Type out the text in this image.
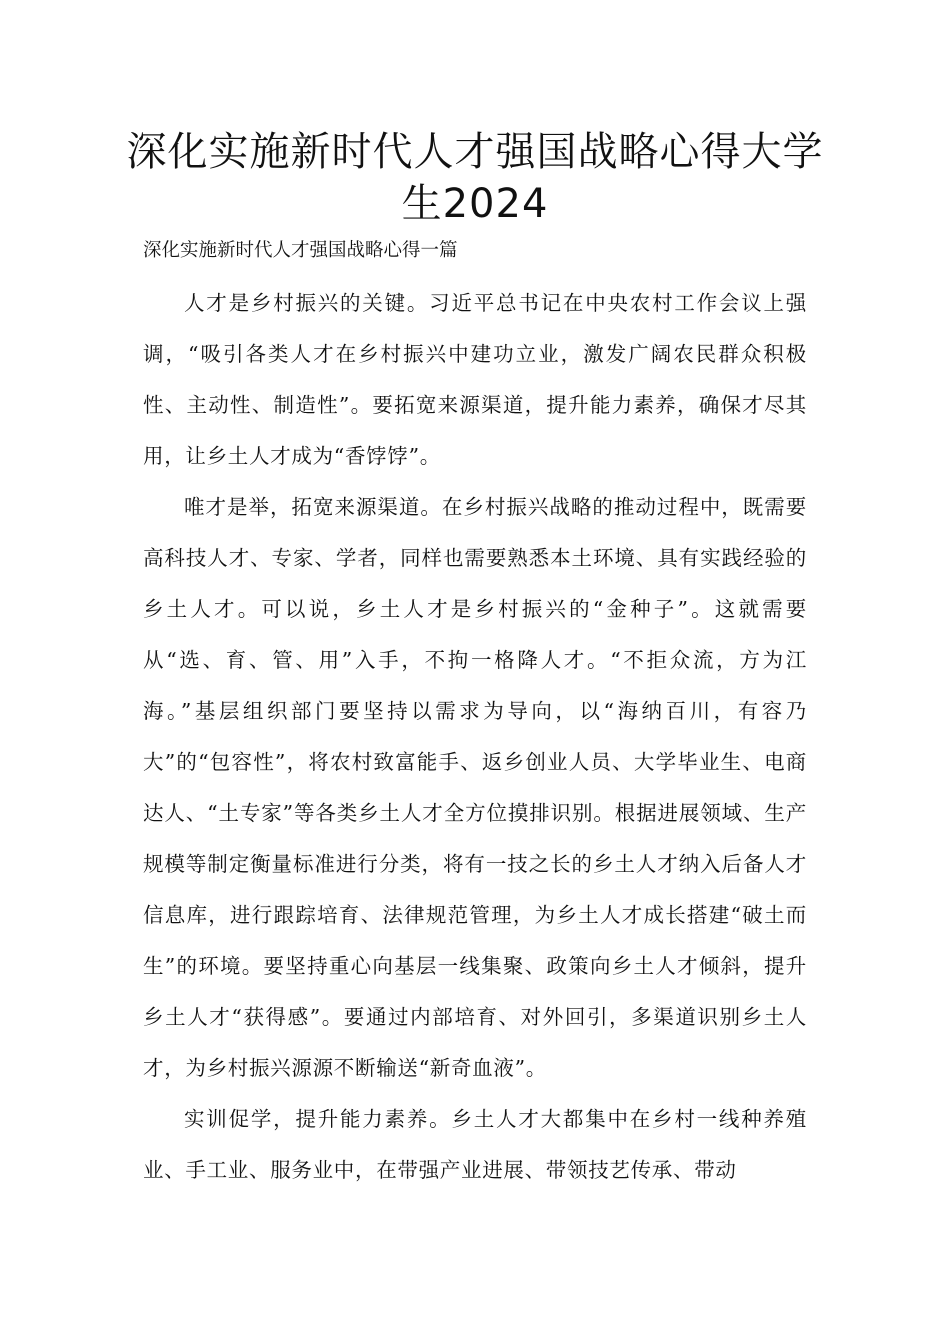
深化实施新时代人才强国战略心得大学生2024

深化实施新时代人才强国战略心得一篇

人才是乡村振兴的关键。习近平总书记在中央农村工作会议上强调，“吸引各类人才在乡村振兴中建功立业，激发广阔农民群众积极性、主动性、制造性”。要拓宽来源渠道，提升能力素养，确保才尽其用，让乡土人才成为“香饽饽”。

唯才是举，拓宽来源渠道。在乡村振兴战略的推动过程中，既需要高科技人才、专家、学者，同样也需要熟悉本土环境、具有实践经验的乡土人才。可以说，乡土人才是乡村振兴的“金种子”。这就需要从“选、育、管、用”入手，不拘一格降人才。“不拒众流，方为江海。”基层组织部门要坚持以需求为导向，以“海纳百川，有容乃大”的“包容性”，将农村致富能手、返乡创业人员、大学毕业生、电商达人、“土专家”等各类乡土人才全方位摸排识别。根据进展领域、生产规模等制定衡量标准进行分类，将有一技之长的乡土人才纳入后备人才信息库，进行跟踪培育、法律规范管理，为乡土人才成长搭建“破土而生”的环境。要坚持重心向基层一线集聚、政策向乡土人才倾斜，提升乡土人才“获得感”。要通过内部培育、对外回引，多渠道识别乡土人才，为乡村振兴源源不断输送“新奇血液”。

实训促学，提升能力素养。乡土人才大都集中在乡村一线种养殖业、手工业、服务业中，在带强产业进展、带领技艺传承、带动
